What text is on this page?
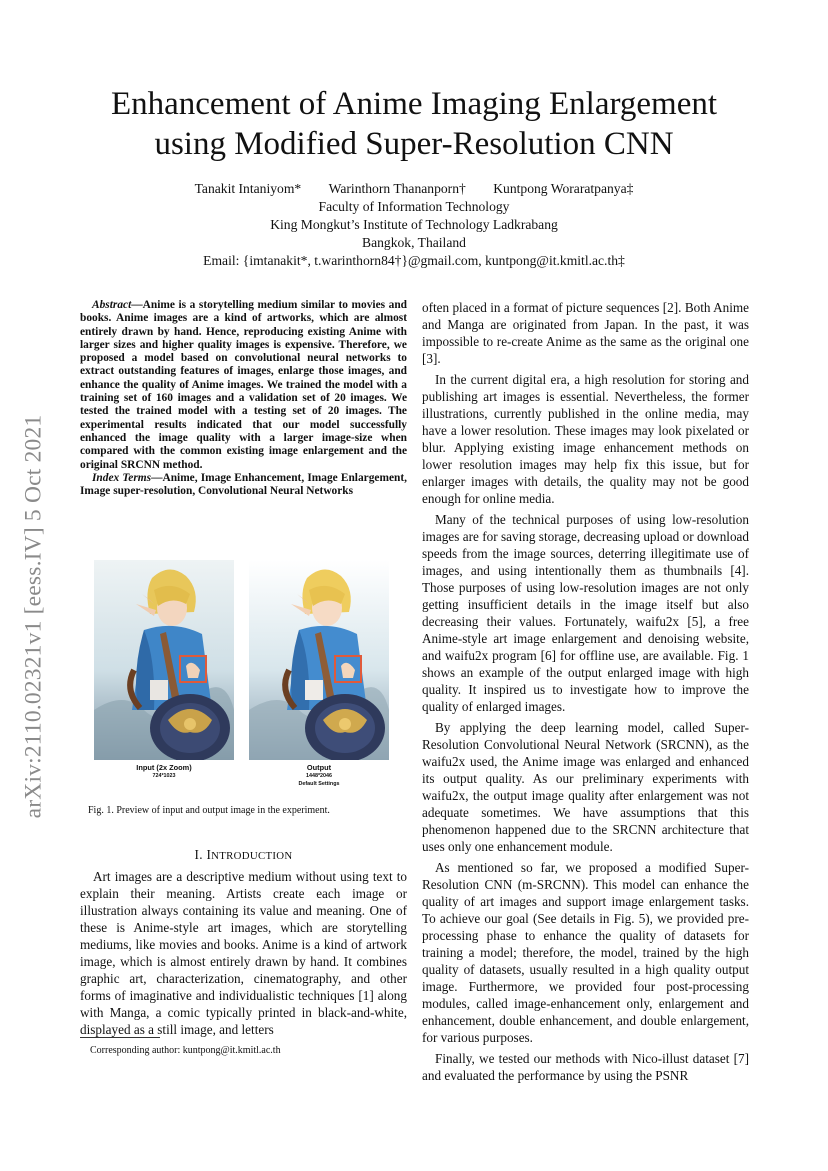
arXiv:2110.02321v1 [eess.IV] 5 Oct 2021
Enhancement of Anime Imaging Enlargement
using Modified Super-Resolution CNN
Tanakit Intaniyom* Warinthorn Thananporn† Kuntpong Woraratpanya‡
Faculty of Information Technology
King Mongkut’s Institute of Technology Ladkrabang
Bangkok, Thailand
Email: {imtanakit*, t.warinthorn84†}@gmail.com, kuntpong@it.kmitl.ac.th‡

Abstract—Anime is a storytelling medium similar to movies and books. Anime images are a kind of artworks, which are almost entirely drawn by hand. Hence, reproducing existing Anime with larger sizes and higher quality images is expensive. Therefore, we proposed a model based on convolutional neural networks to extract outstanding features of images, enlarge those images, and enhance the quality of Anime images. We trained the model with a training set of 160 images and a validation set of 20 images. We tested the trained model with a testing set of 20 images. The experimental results indicated that our model successfully enhanced the image quality with a larger image-size when compared with the common existing image enlargement and the original SRCNN method.

Index Terms—Anime, Image Enhancement, Image Enlargement, Image super-resolution, Convolutional Neural Networks

Input (2x Zoom)
724*1023
Output
1448*2046
Default Settings
Fig. 1. Preview of input and output image in the experiment.
I. INTRODUCTION

Art images are a descriptive medium without using text to explain their meaning. Artists create each image or illustration always containing its value and meaning. One of these is Anime-style art images, which are storytelling mediums, like movies and books. Anime is a kind of artwork image, which is almost entirely drawn by hand. It combines graphic art, characterization, cinematography, and other forms of imaginative and individualistic techniques [1] along with Manga, a comic typically printed in black-and-white, displayed as a still image, and letters

Corresponding author: kuntpong@it.kmitl.ac.th

often placed in a format of picture sequences [2]. Both Anime and Manga are originated from Japan. In the past, it was impossible to re-create Anime as the same as the original one [3].

In the current digital era, a high resolution for storing and publishing art images is essential. Nevertheless, the former illustrations, currently published in the online media, may have a lower resolution. These images may look pixelated or blur. Applying existing image enhancement methods on lower resolution images may help fix this issue, but for enlarger images with details, the quality may not be good enough for online media.

Many of the technical purposes of using low-resolution images are for saving storage, decreasing upload or download speeds from the image sources, deterring illegitimate use of images, and using intentionally them as thumbnails [4]. Those purposes of using low-resolution images are not only getting insufficient details in the image itself but also decreasing their values. Fortunately, waifu2x [5], a free Anime-style art image enlargement and denoising website, and waifu2x program [6] for offline use, are available. Fig. 1 shows an example of the output enlarged image with high quality. It inspired us to investigate how to improve the quality of enlarged images.

By applying the deep learning model, called Super-Resolution Convolutional Neural Network (SRCNN), as the waifu2x used, the Anime image was enlarged and enhanced its output quality. As our preliminary experiments with waifu2x, the output image quality after enlargement was not adequate sometimes. We have assumptions that this phenomenon happened due to the SRCNN architecture that uses only one enhancement module.

As mentioned so far, we proposed a modified Super-Resolution CNN (m-SRCNN). This model can enhance the quality of art images and support image enlargement tasks. To achieve our goal (See details in Fig. 5), we provided pre-processing phase to enhance the quality of datasets for training a model; therefore, the model, trained by the high quality of datasets, usually resulted in a high quality output image. Furthermore, we provided four post-processing modules, called image-enhancement only, enlargement and enhancement, double enhancement, and double enlargement, for various purposes.

Finally, we tested our methods with Nico-illust dataset [7] and evaluated the performance by using the PSNR
